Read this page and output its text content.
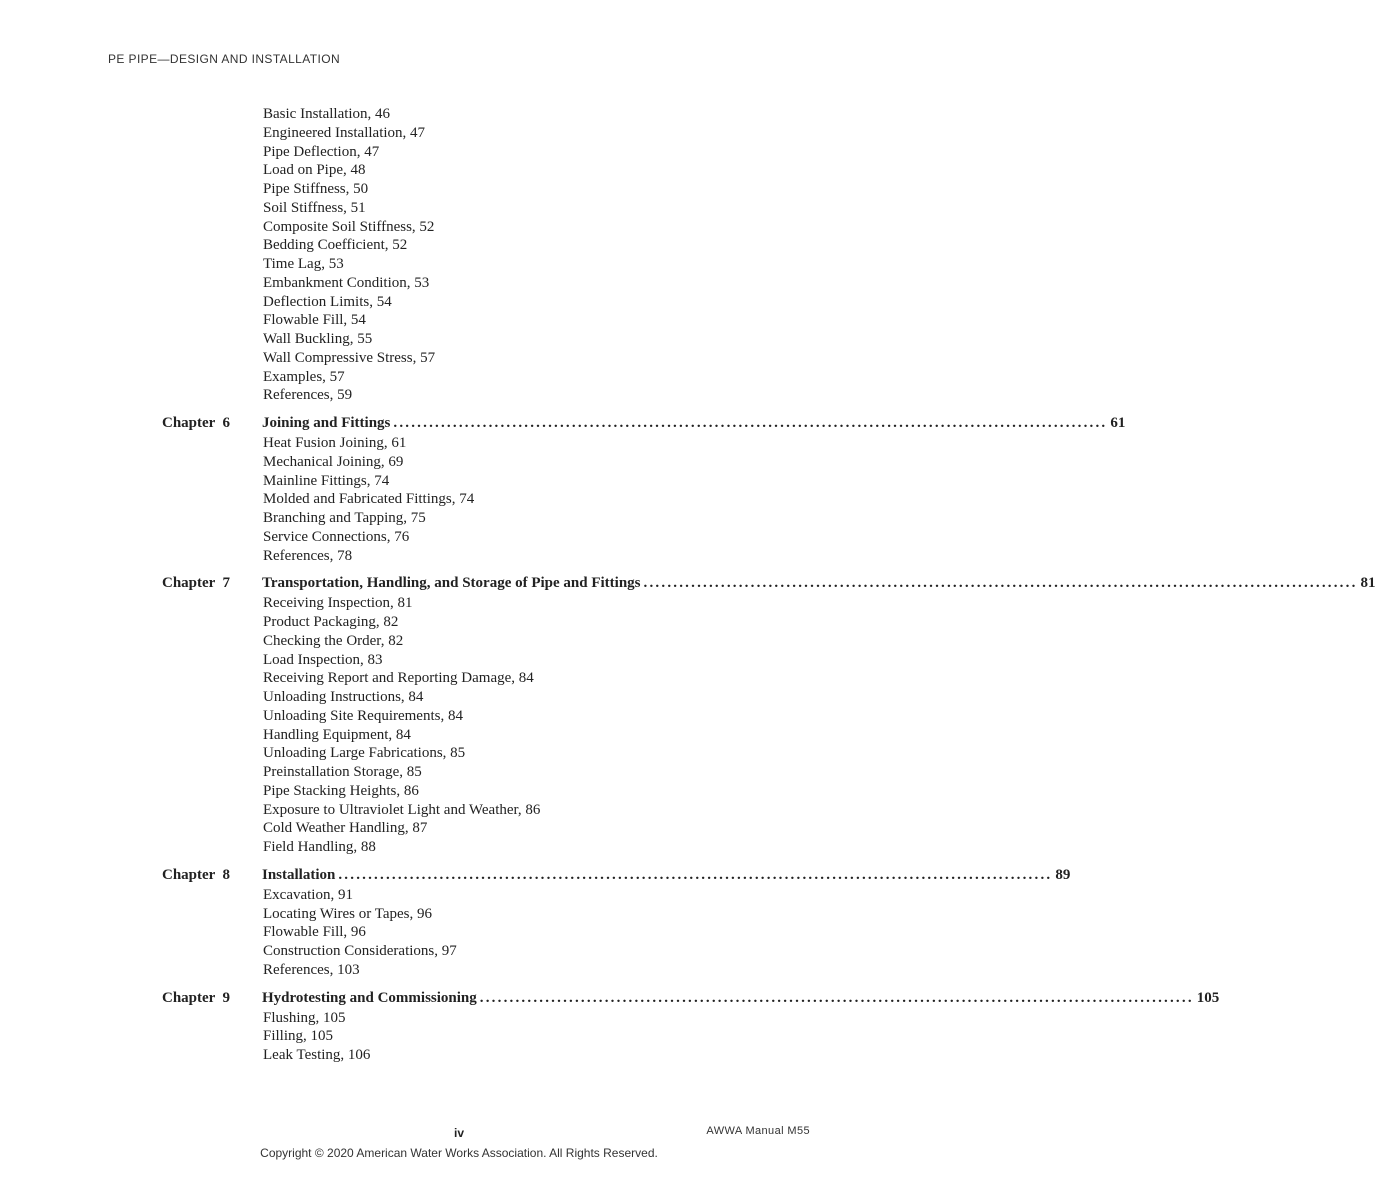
PE PIPE—DESIGN AND INSTALLATION
Basic Installation, 46
Engineered Installation, 47
Pipe Deflection, 47
Load on Pipe, 48
Pipe Stiffness, 50
Soil Stiffness, 51
Composite Soil Stiffness, 52
Bedding Coefficient, 52
Time Lag, 53
Embankment Condition, 53
Deflection Limits, 54
Flowable Fill, 54
Wall Buckling, 55
Wall Compressive Stress, 57
Examples, 57
References, 59
Chapter  6 Joining and Fittings ........................................................................................................................ 61
Heat Fusion Joining, 61
Mechanical Joining, 69
Mainline Fittings, 74
Molded and Fabricated Fittings, 74
Branching and Tapping, 75
Service Connections, 76
References, 78
Chapter  7 Transportation, Handling, and Storage of Pipe and Fittings ........................................................................................................................ 81
Receiving Inspection, 81
Product Packaging, 82
Checking the Order, 82
Load Inspection, 83
Receiving Report and Reporting Damage, 84
Unloading Instructions, 84
Unloading Site Requirements, 84
Handling Equipment, 84
Unloading Large Fabrications, 85
Preinstallation Storage, 85
Pipe Stacking Heights, 86
Exposure to Ultraviolet Light and Weather, 86
Cold Weather Handling, 87
Field Handling, 88
Chapter  8 Installation ........................................................................................................................ 89
Excavation, 91
Locating Wires or Tapes, 96
Flowable Fill, 96
Construction Considerations, 97
References, 103
Chapter  9 Hydrotesting and Commissioning ........................................................................................................................ 105
Flushing, 105
Filling, 105
Leak Testing, 106
iv	AWWA Manual M55
Copyright © 2020 American Water Works Association. All Rights Reserved.
